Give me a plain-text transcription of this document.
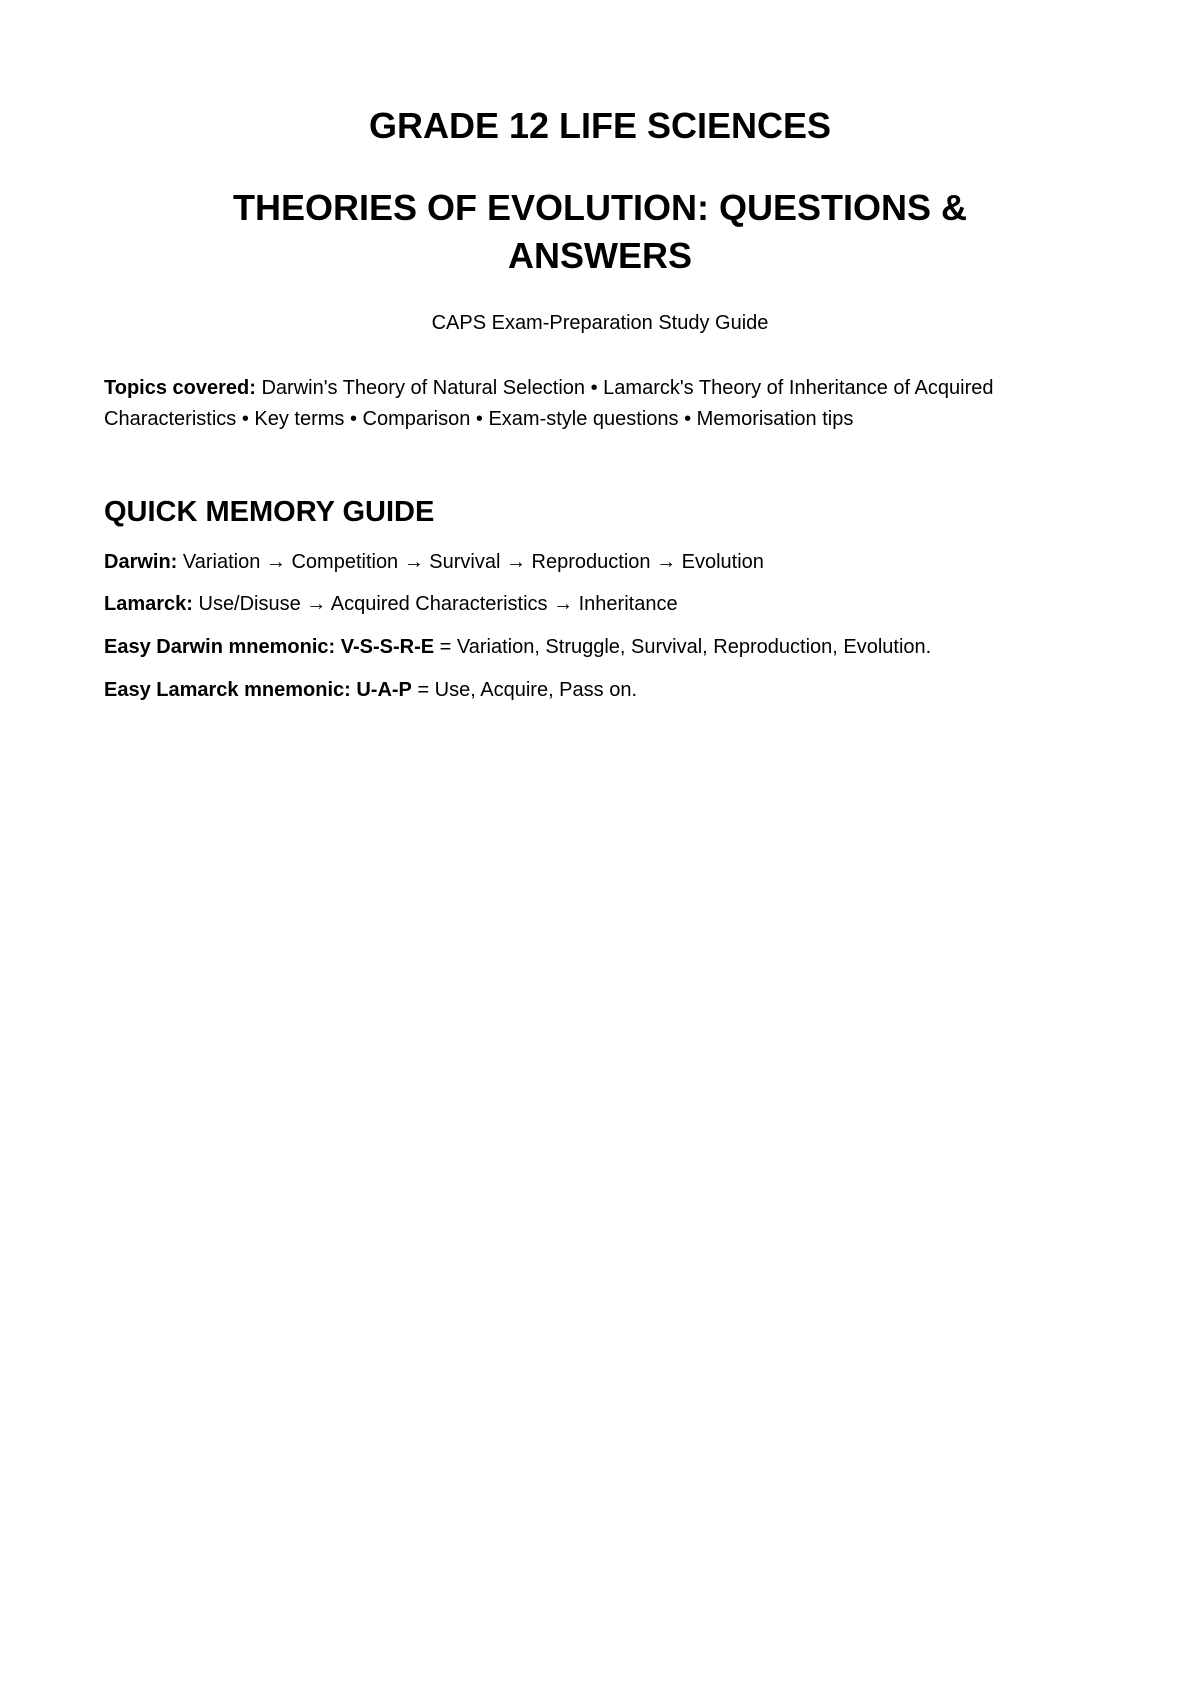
GRADE 12 LIFE SCIENCES
THEORIES OF EVOLUTION: QUESTIONS & ANSWERS
CAPS Exam-Preparation Study Guide
Topics covered: Darwin's Theory of Natural Selection • Lamarck's Theory of Inheritance of Acquired Characteristics • Key terms • Comparison • Exam-style questions • Memorisation tips
QUICK MEMORY GUIDE
Darwin: Variation → Competition → Survival → Reproduction → Evolution
Lamarck: Use/Disuse → Acquired Characteristics → Inheritance
Easy Darwin mnemonic: V-S-S-R-E = Variation, Struggle, Survival, Reproduction, Evolution.
Easy Lamarck mnemonic: U-A-P = Use, Acquire, Pass on.
